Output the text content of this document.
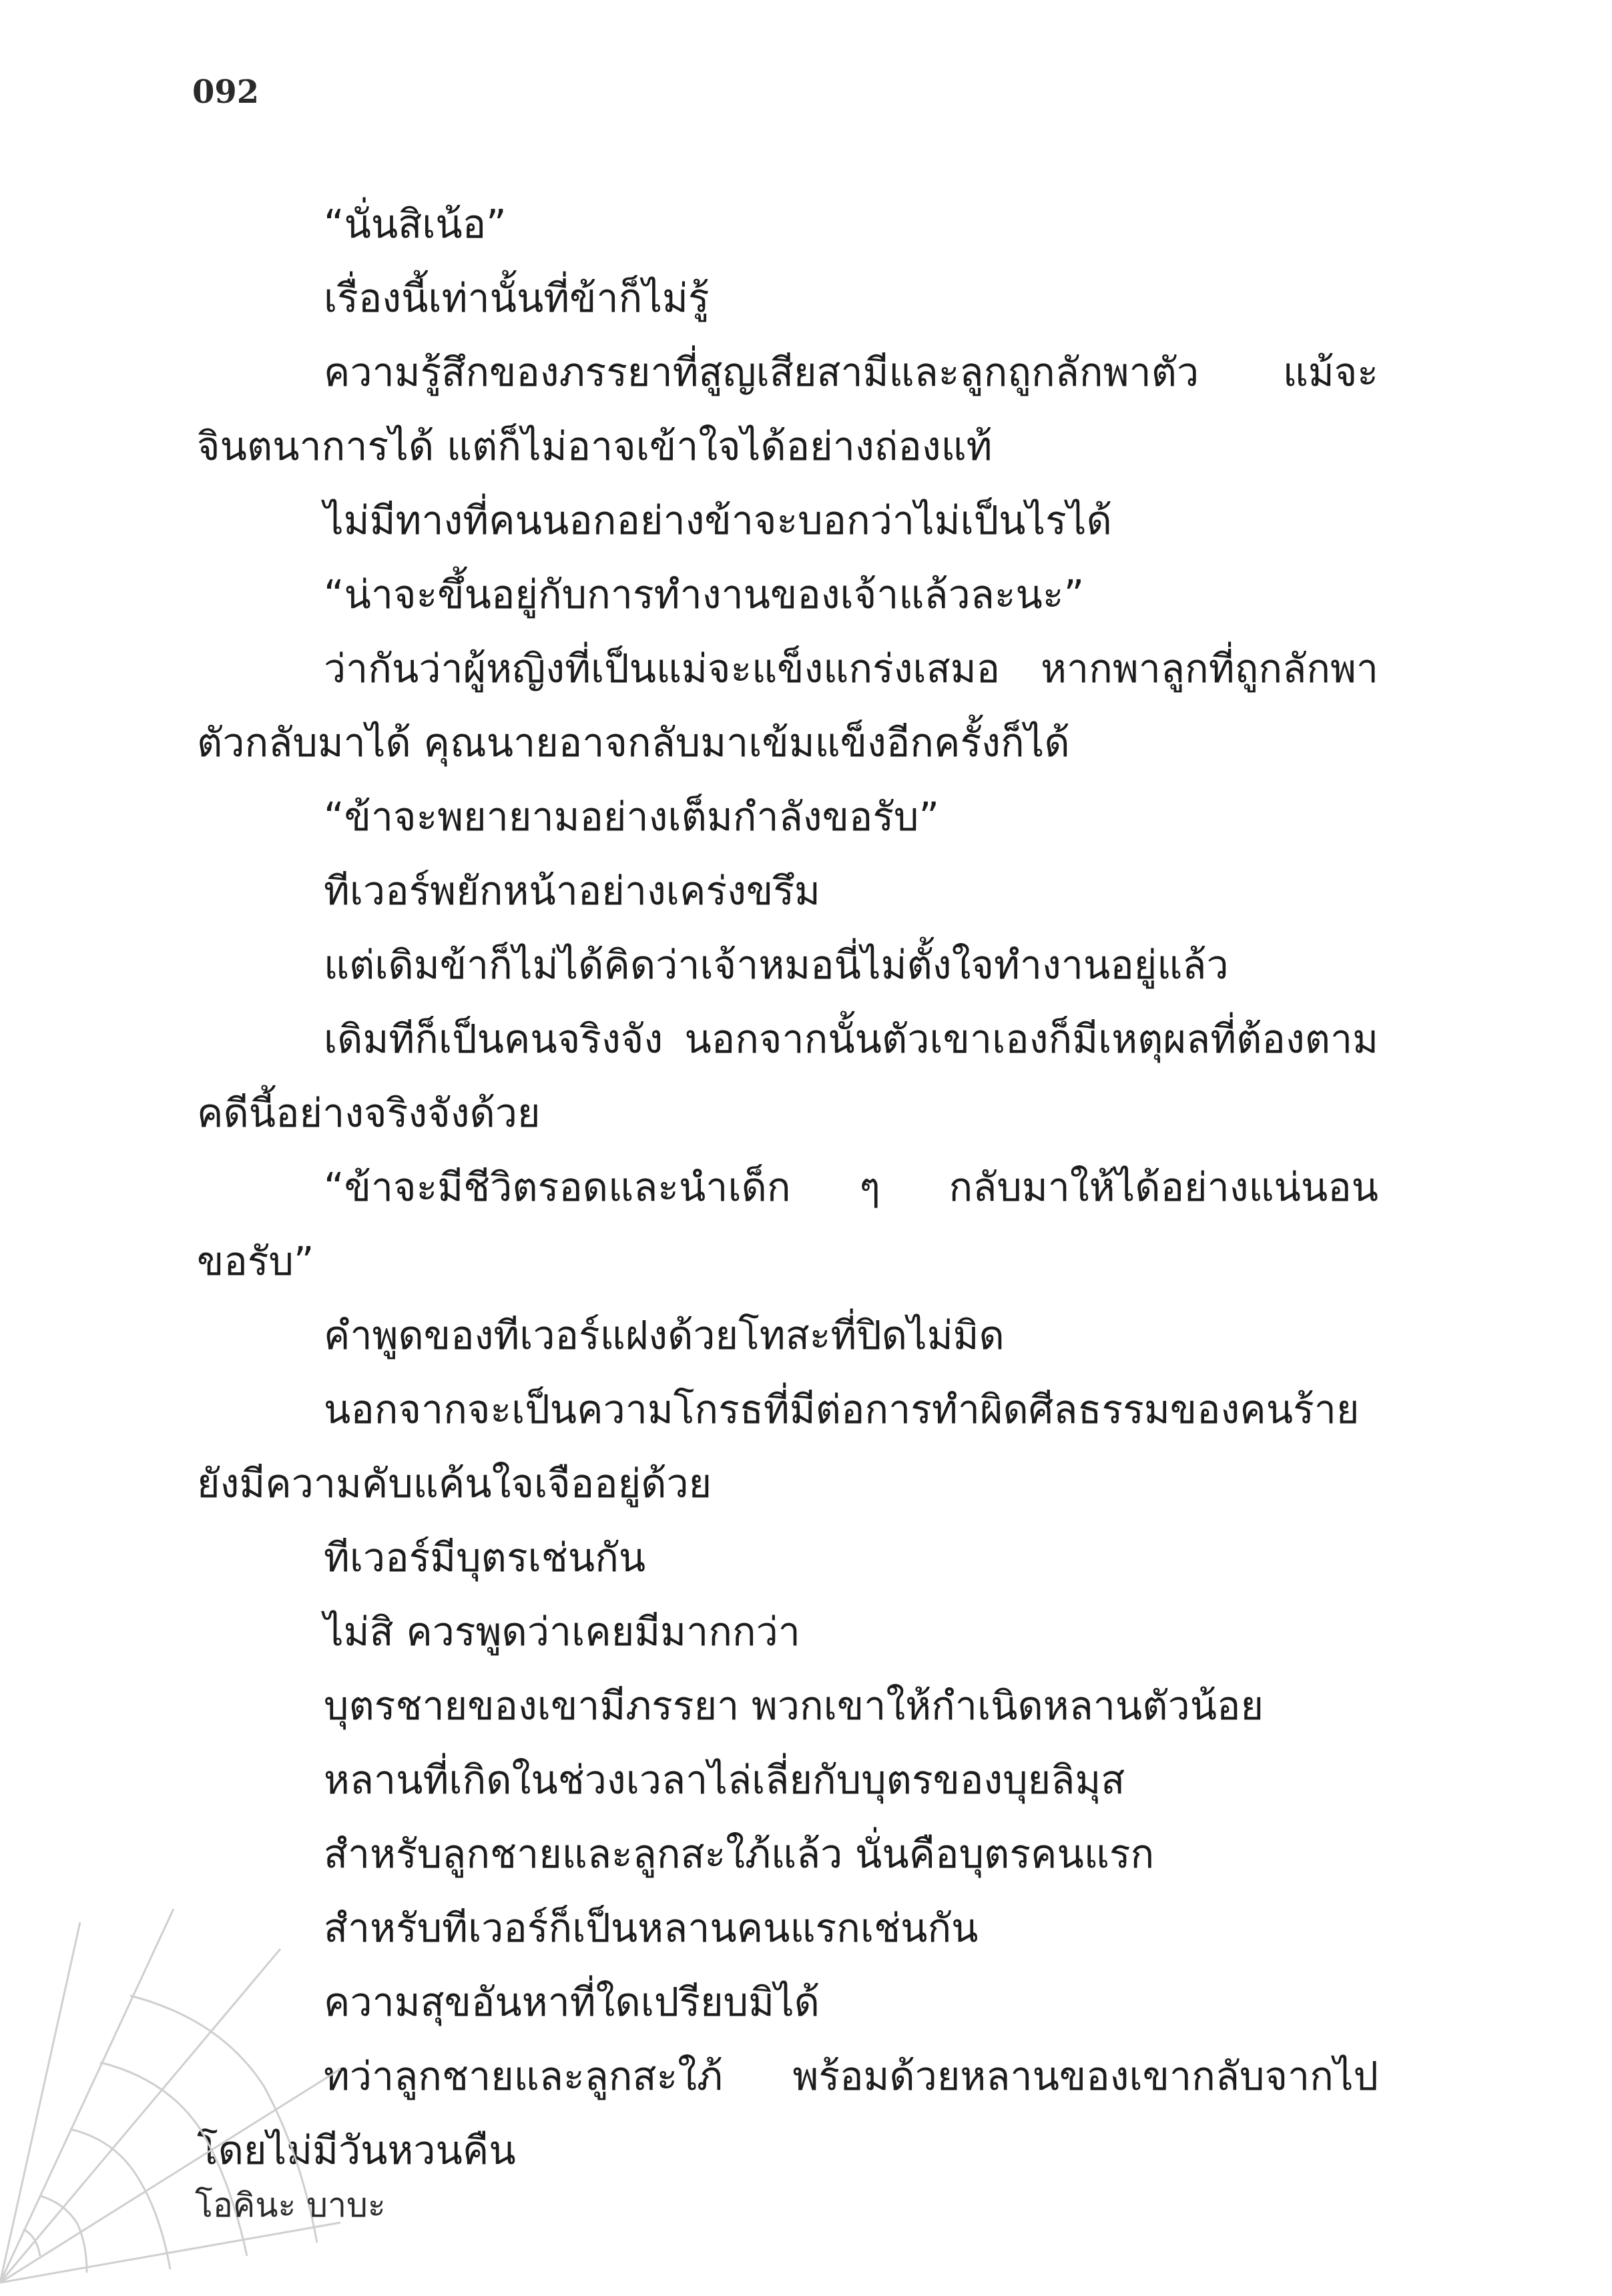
092

“นั่นสิเน้อ”

เรื่องนี้เท่านั้นที่ข้าก็ไม่รู้

ความรู้สึกของภรรยาที่สูญเสียสามีและลูกถูกลักพาตัว แม้จะจินตนาการได้ แต่ก็ไม่อาจเข้าใจได้อย่างถ่องแท้

ไม่มีทางที่คนนอกอย่างข้าจะบอกว่าไม่เป็นไรได้

“น่าจะขึ้นอยู่กับการทำงานของเจ้าแล้วละนะ”

ว่ากันว่าผู้หญิงที่เป็นแม่จะแข็งแกร่งเสมอ หากพาลูกที่ถูกลักพาตัวกลับมาได้ คุณนายอาจกลับมาเข้มแข็งอีกครั้งก็ได้

“ข้าจะพยายามอย่างเต็มกำลังขอรับ”

ทีเวอร์พยักหน้าอย่างเคร่งขรึม

แต่เดิมข้าก็ไม่ได้คิดว่าเจ้าหมอนี่ไม่ตั้งใจทำงานอยู่แล้ว

เดิมทีก็เป็นคนจริงจัง นอกจากนั้นตัวเขาเองก็มีเหตุผลที่ต้องตามคดีนี้อย่างจริงจังด้วย

“ข้าจะมีชีวิตรอดและนำเด็ก ๆ กลับมาให้ได้อย่างแน่นอนขอรับ”

คำพูดของทีเวอร์แฝงด้วยโทสะที่ปิดไม่มิด

นอกจากจะเป็นความโกรธที่มีต่อการทำผิดศีลธรรมของคนร้าย ยังมีความคับแค้นใจเจืออยู่ด้วย

ทีเวอร์มีบุตรเช่นกัน

ไม่สิ ควรพูดว่าเคยมีมากกว่า

บุตรชายของเขามีภรรยา พวกเขาให้กำเนิดหลานตัวน้อย

หลานที่เกิดในช่วงเวลาไล่เลี่ยกับบุตรของบุยลิมุส

สำหรับลูกชายและลูกสะใภ้แล้ว นั่นคือบุตรคนแรก

สำหรับทีเวอร์ก็เป็นหลานคนแรกเช่นกัน

ความสุขอันหาที่ใดเปรียบมิได้

ทว่าลูกชายและลูกสะใภ้ พร้อมด้วยหลานของเขากลับจากไปโดยไม่มีวันหวนคืน

โอคินะ บาบะ
